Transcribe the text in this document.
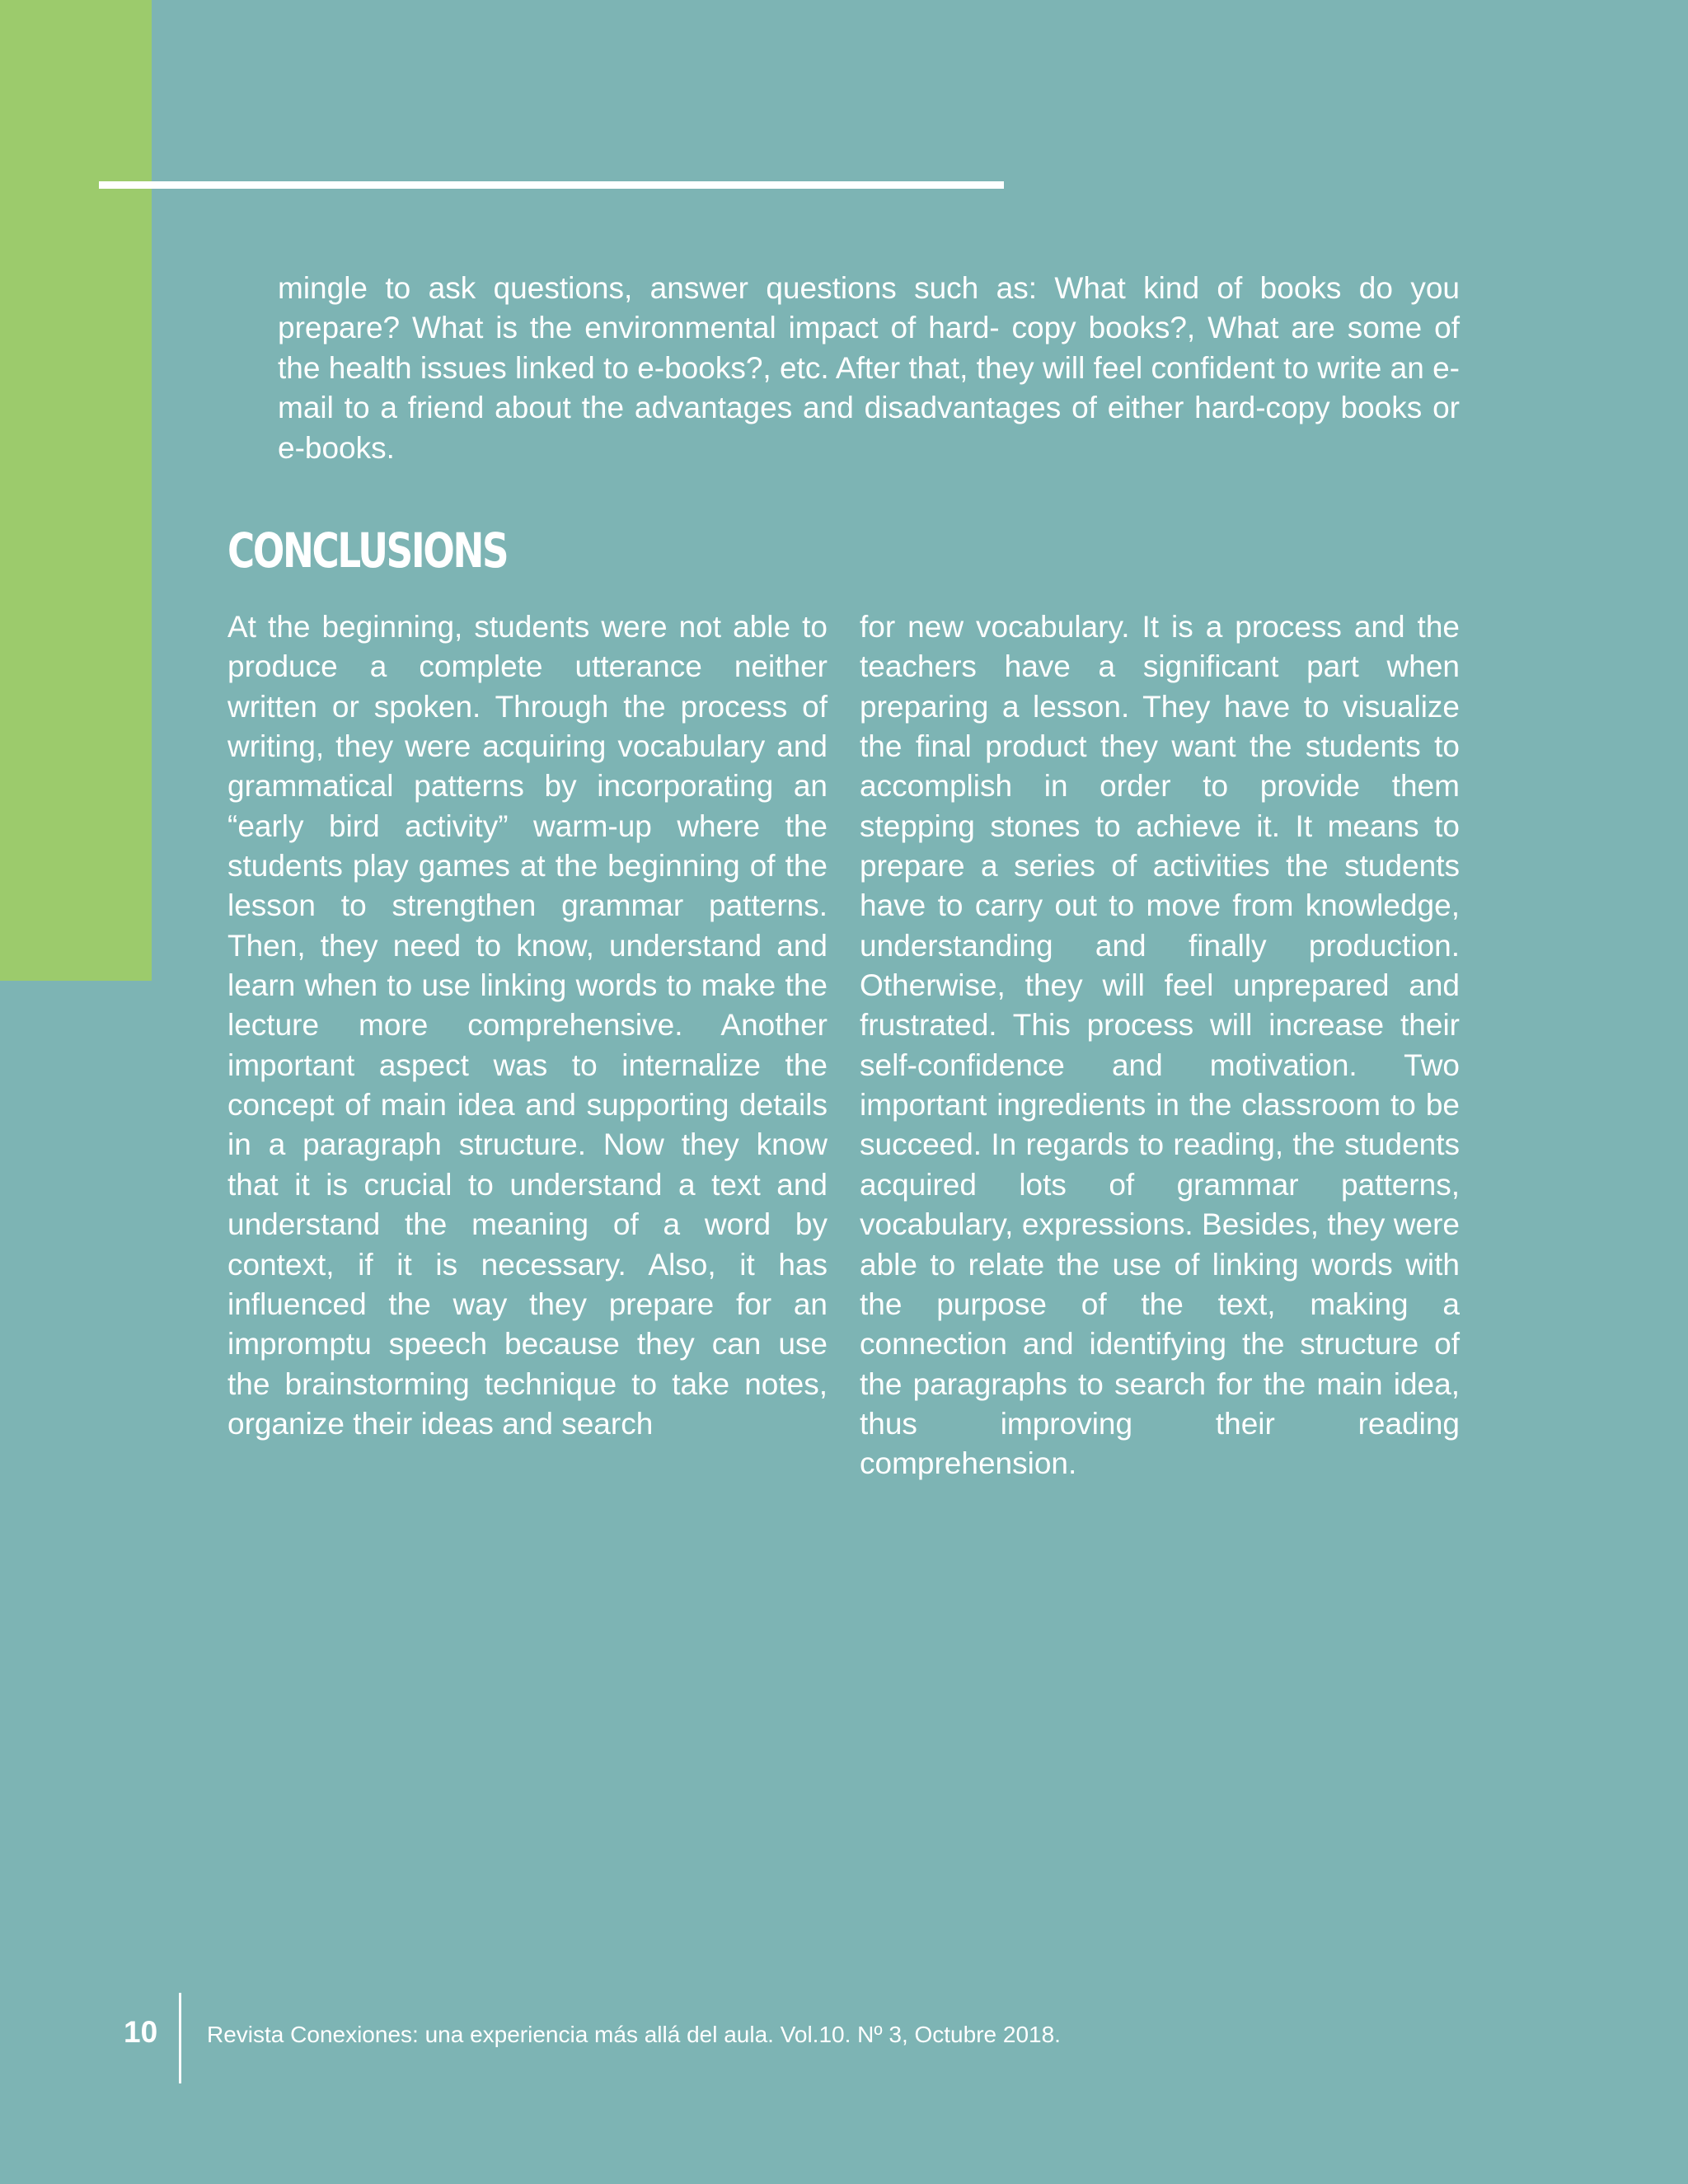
mingle to ask questions, answer questions such as: What kind of books do you prepare? What is the environmental impact of hard- copy books?, What are some of the health issues linked to e-books?, etc. After that, they will feel confident to write an e-mail to a friend about the advantages and disadvantages of either hard-copy books or e-books.

CONCLUSIONS

At the beginning, students were not able to produce a complete utterance neither written or spoken. Through the process of writing, they were acquiring vocabulary and grammatical patterns by incorporating an “early bird activity” warm-up where the students play games at the beginning of the lesson to strengthen grammar patterns. Then, they need to know, understand and learn when to use linking words to make the lecture more comprehensive. Another important aspect was to internalize the concept of main idea and supporting details in a paragraph structure. Now they know that it is crucial to understand a text and understand the meaning of a word by context, if it is necessary. Also, it has influenced the way they prepare for an impromptu speech because they can use the brainstorming technique to take notes, organize their ideas and search

for new vocabulary. It is a process and the teachers have a significant part when preparing a lesson. They have to visualize the final product they want the students to accomplish in order to provide them stepping stones to achieve it. It means to prepare a series of activities the students have to carry out to move from knowledge, understanding and finally production. Otherwise, they will feel unprepared and frustrated. This process will increase their self-confidence and motivation. Two important ingredients in the classroom to be succeed. In regards to reading, the students acquired lots of grammar patterns, vocabulary, expressions. Besides, they were able to relate the use of linking words with the purpose of the text, making a connection and identifying the structure of the paragraphs to search for the main idea, thus improving their reading comprehension.

10 Revista Conexiones: una experiencia más allá del aula. Vol.10. Nº 3, Octubre 2018.
